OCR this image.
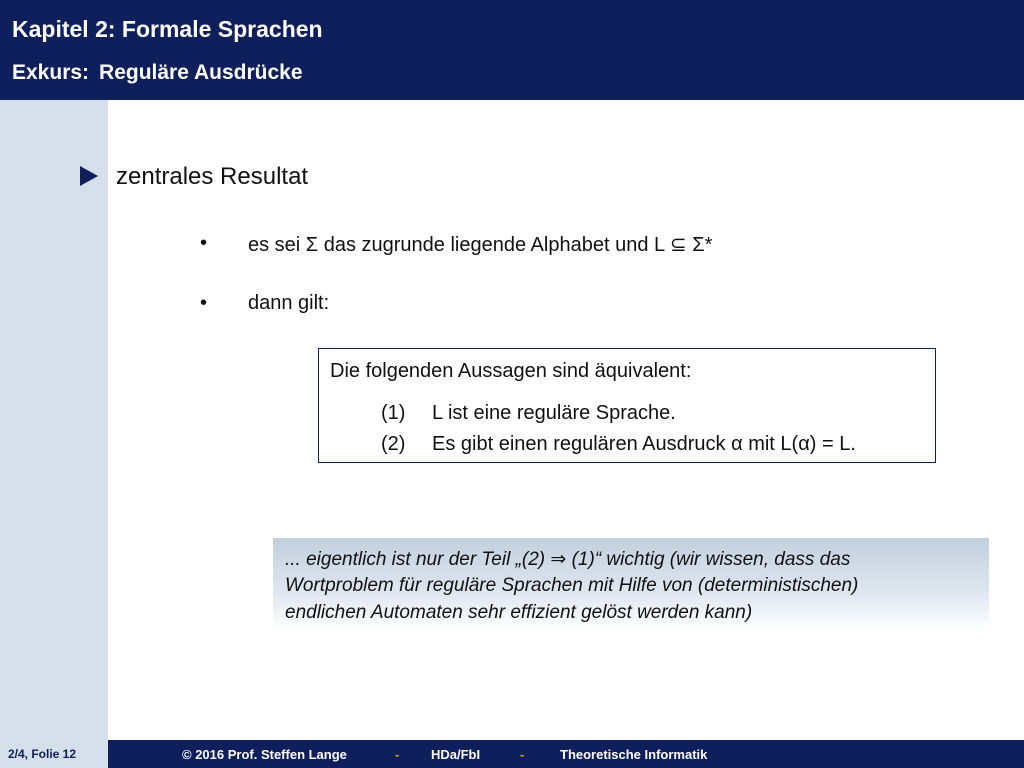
Kapitel 2: Formale Sprachen
Exkurs: Reguläre Ausdrücke
zentrales Resultat
• es sei Σ das zugrunde liegende Alphabet und L ⊆ Σ*
• dann gilt:
Die folgenden Aussagen sind äquivalent:
(1) L ist eine reguläre Sprache.
(2) Es gibt einen regulären Ausdruck α mit L(α) = L.
... eigentlich ist nur der Teil „(2) ⇒ (1)“ wichtig (wir wissen, dass das
Wortproblem für reguläre Sprachen mit Hilfe von (deterministischen)
endlichen Automaten sehr effizient gelöst werden kann)
2/4, Folie 12	© 2016 Prof. Steffen Lange	- HDa/FbI	-	Theoretische Informatik
